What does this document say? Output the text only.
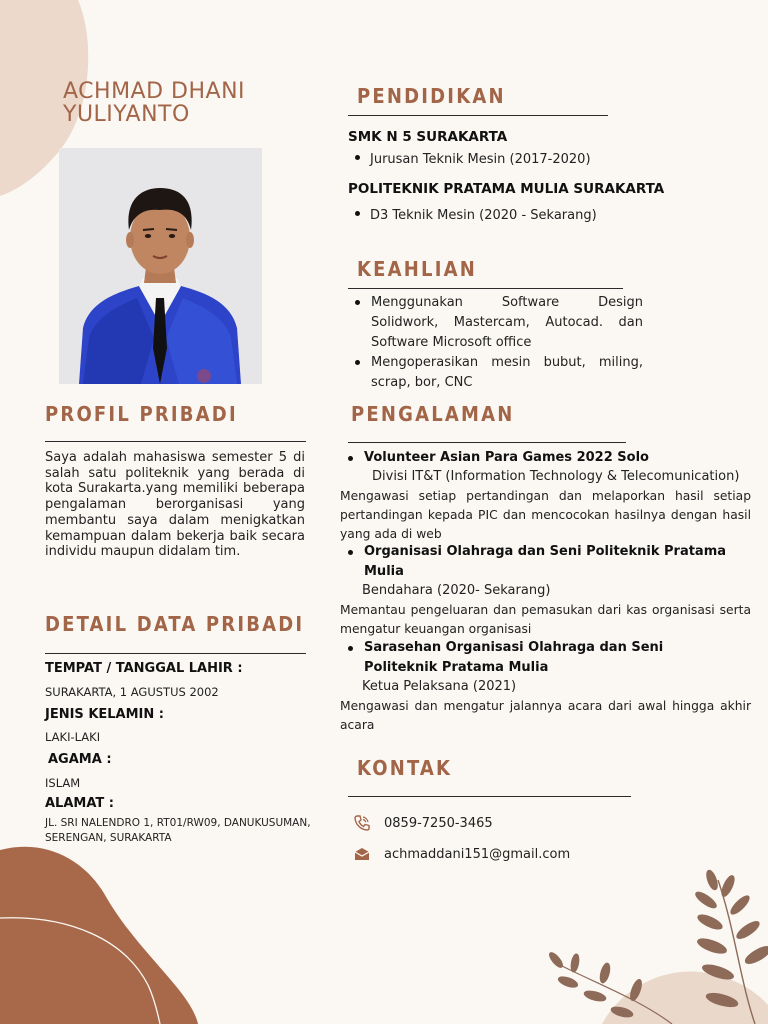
ACHMAD DHANI YULIYANTO
PROFIL PRIBADI
Saya adalah mahasiswa semester 5 di salah satu politeknik yang berada di kota Surakarta.yang memiliki beberapa pengalaman berorganisasi yang membantu saya dalam menigkatkan kemampuan dalam bekerja baik secara individu maupun didalam tim.
DETAIL DATA PRIBADI
TEMPAT / TANGGAL LAHIR :
SURAKARTA, 1 AGUSTUS 2002
JENIS KELAMIN :
LAKI-LAKI
AGAMA :
ISLAM
ALAMAT :
JL. SRI NALENDRO 1, RT01/RW09, DANUKUSUMAN, SERENGAN, SURAKARTA
PENDIDIKAN
SMK N 5 SURAKARTA
Jurusan Teknik Mesin (2017-2020)
POLITEKNIK PRATAMA MULIA SURAKARTA
D3 Teknik Mesin (2020 - Sekarang)
KEAHLIAN
Menggunakan Software Design Solidwork, Mastercam, Autocad. dan Software Microsoft office
Mengoperasikan mesin bubut, miling, scrap, bor, CNC
PENGALAMAN
Volunteer Asian Para Games 2022 Solo
Divisi IT&T (Information Technology & Telecomunication)
Mengawasi setiap pertandingan dan melaporkan hasil setiap pertandingan kepada PIC dan mencocokan hasilnya dengan hasil yang ada di web
Organisasi Olahraga dan Seni Politeknik Pratama Mulia
Bendahara (2020- Sekarang)
Memantau pengeluaran dan pemasukan dari kas organisasi serta mengatur keuangan organisasi
Sarasehan Organisasi Olahraga dan Seni Politeknik Pratama Mulia
Ketua Pelaksana (2021)
Mengawasi dan mengatur jalannya acara dari awal hingga akhir acara
KONTAK
0859-7250-3465
achmaddani151@gmail.com
